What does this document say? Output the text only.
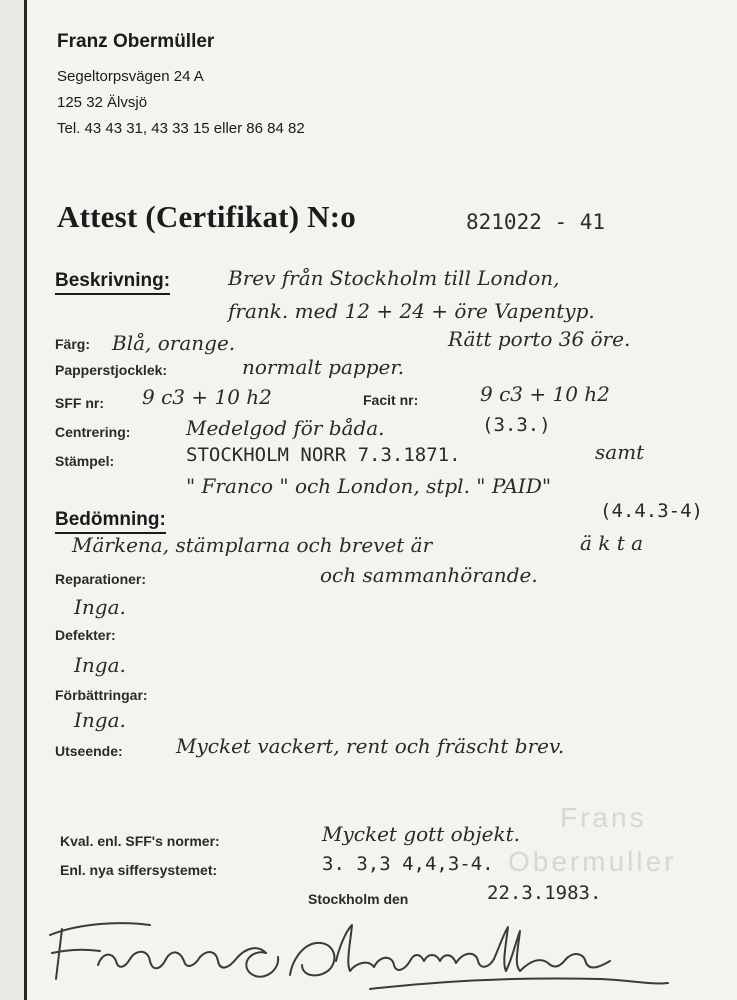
Franz Obermüller
Segeltorpsvägen 24 A
125 32 Älvsjö
Tel. 43 43 31, 43 33 15 eller 86 84 82
Attest (Certifikat) N:o	821022 - 41
Beskrivning:	Brev från Stockholm till London,
frank. med 12 + 24 + öre Vapentyp.
Färg: Blå, orange.	Rätt porto 36 öre.
Papperstjocklek:	normalt papper.
SFF nr: 9 c3 + 10 h2	Facit nr:	9 c3 + 10 h2
Centrering:	Medelgod för båda.	(3.3.)
Stämpel:	STOCKHOLM NORR 7.3.1871.	samt
" Franco " och London, stpl. " PAID"
(4.4.3-4)
Bedömning:
Märkena, stämplarna och brevet är	ä k t a
och sammanhörande.
Reparationer:
Inga.
Defekter:
Inga.
Förbättringar:
Inga.
Utseende:	Mycket vackert, rent och fräscht brev.
Frans
Obermuller
Kval. enl. SFF's normer:	Mycket gott objekt.
Enl. nya siffersystemet:	3. 3,3 4,4,3-4.
Stockholm den	22.3.1983.
